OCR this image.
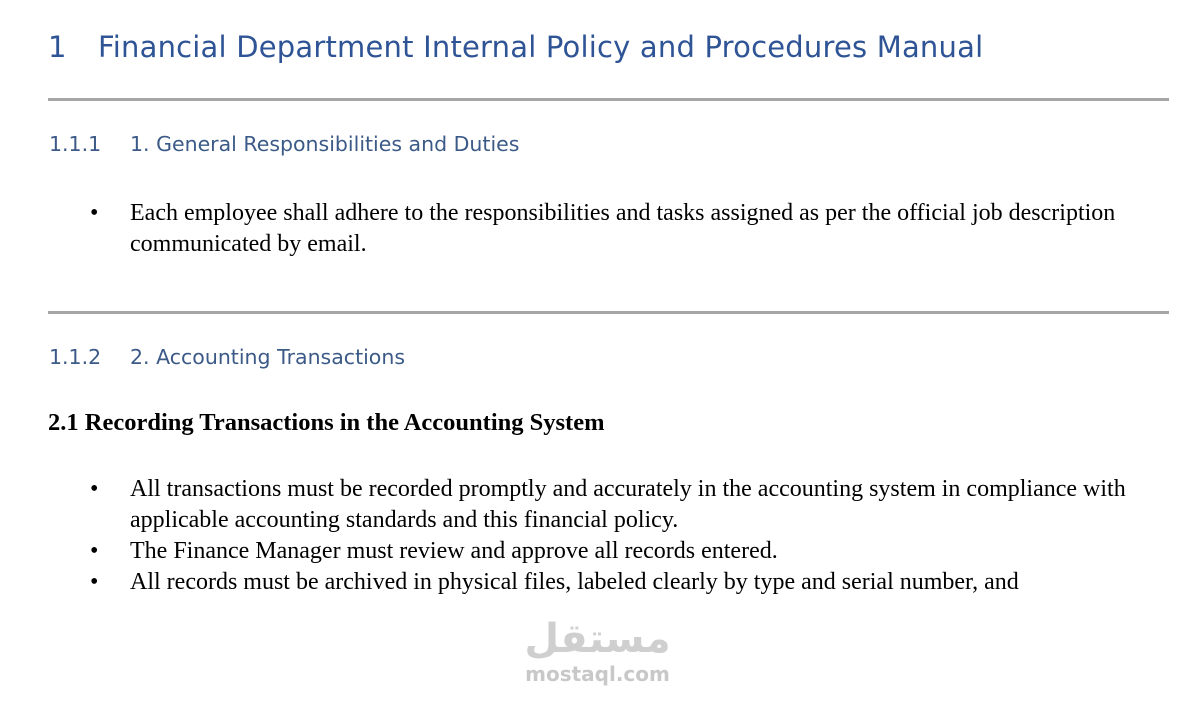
1 Financial Department Internal Policy and Procedures Manual
1.1.1 1. General Responsibilities and Duties
• Each employee shall adhere to the responsibilities and tasks assigned as per the official job description communicated by email.
1.1.2 2. Accounting Transactions
2.1 Recording Transactions in the Accounting System
• All transactions must be recorded promptly and accurately in the accounting system in compliance with applicable accounting standards and this financial policy.
• The Finance Manager must review and approve all records entered.
• All records must be archived in physical files, labeled clearly by type and serial number, and
مستقل
mostaql.com
